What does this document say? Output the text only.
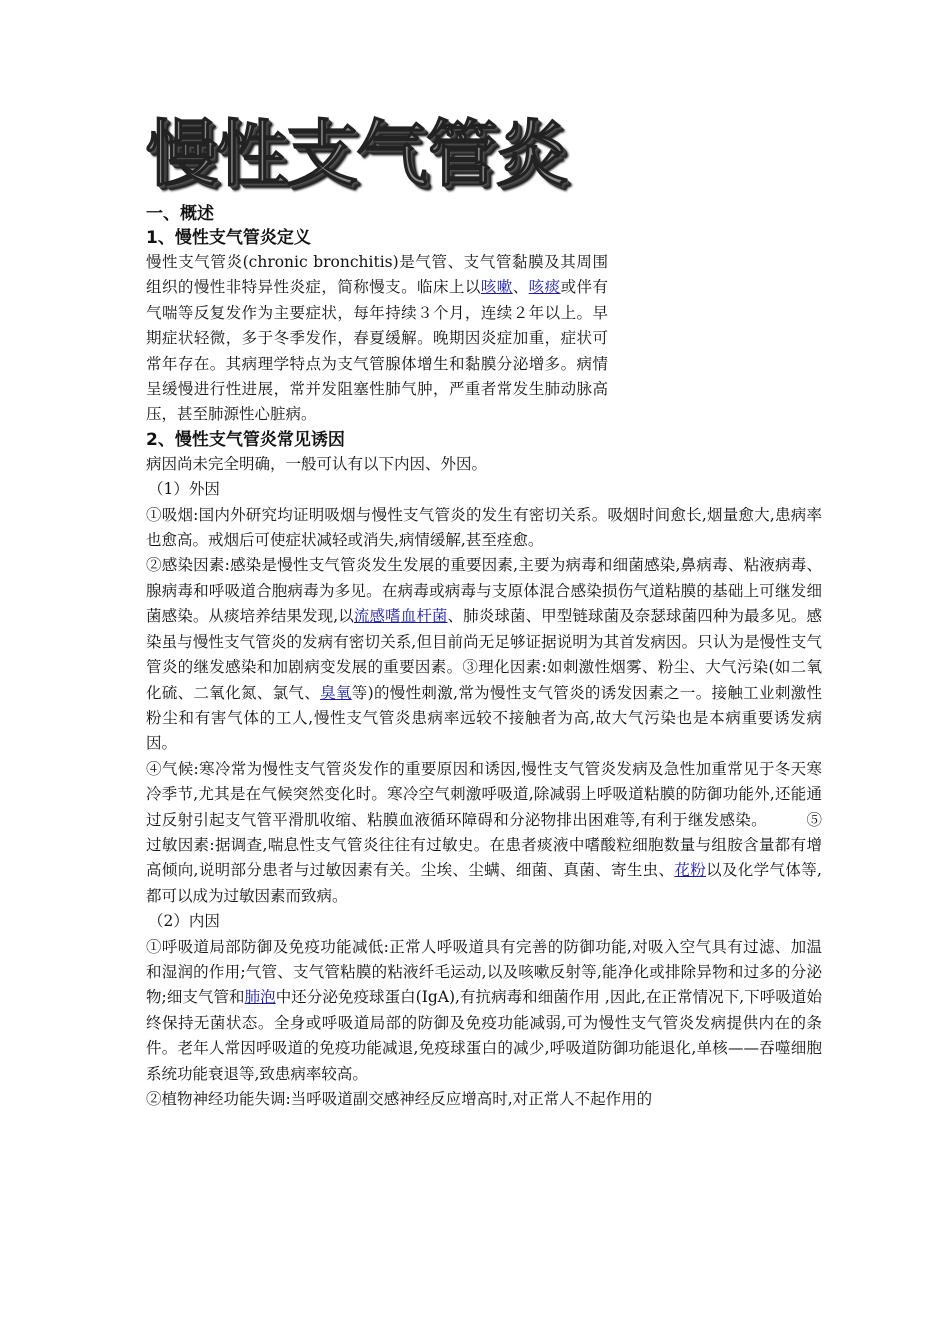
慢性支气管炎

一、概述

1、慢性支气管炎定义

慢性支气管炎(chronic bronchitis)是气管、支气管黏膜及其周围组织的慢性非特异性炎症，简称慢支。临床上以咳嗽、咳痰或伴有气喘等反复发作为主要症状，每年持续３个月，连续２年以上。早期症状轻微，多于冬季发作，春夏缓解。晚期因炎症加重，症状可常年存在。其病理学特点为支气管腺体增生和黏膜分泌增多。病情呈缓慢进行性进展，常并发阻塞性肺气肿，严重者常发生肺动脉高压，甚至肺源性心脏病。

2、慢性支气管炎常见诱因

病因尚未完全明确，一般可认有以下内因、外因。

（1）外因

①吸烟:国内外研究均证明吸烟与慢性支气管炎的发生有密切关系。吸烟时间愈长,烟量愈大,患病率也愈高。戒烟后可使症状减轻或消失,病情缓解,甚至痊愈。

②感染因素:感染是慢性支气管炎发生发展的重要因素,主要为病毒和细菌感染,鼻病毒、粘液病毒、腺病毒和呼吸道合胞病毒为多见。在病毒或病毒与支原体混合感染损伤气道粘膜的基础上可继发细菌感染。从痰培养结果发现,以流感嗜血杆菌、肺炎球菌、甲型链球菌及奈瑟球菌四种为最多见。感染虽与慢性支气管炎的发病有密切关系,但目前尚无足够证据说明为其首发病因。只认为是慢性支气管炎的继发感染和加剧病变发展的重要因素。③理化因素:如刺激性烟雾、粉尘、大气污染(如二氧化硫、二氧化氮、氯气、臭氧等)的慢性刺激,常为慢性支气管炎的诱发因素之一。接触工业刺激性粉尘和有害气体的工人,慢性支气管炎患病率远较不接触者为高,故大气污染也是本病重要诱发病因。

④气候:寒冷常为慢性支气管炎发作的重要原因和诱因,慢性支气管炎发病及急性加重常见于冬天寒冷季节,尤其是在气候突然变化时。寒冷空气刺激呼吸道,除减弱上呼吸道粘膜的防御功能外,还能通过反射引起支气管平滑肌收缩、粘膜血液循环障碍和分泌物排出困难等,有利于继发感染。　　　⑤过敏因素:据调查,喘息性支气管炎往往有过敏史。在患者痰液中嗜酸粒细胞数量与组胺含量都有增高倾向,说明部分患者与过敏因素有关。尘埃、尘螨、细菌、真菌、寄生虫、花粉以及化学气体等,都可以成为过敏因素而致病。

（2）内因

①呼吸道局部防御及免疫功能减低:正常人呼吸道具有完善的防御功能,对吸入空气具有过滤、加温和湿润的作用;气管、支气管粘膜的粘液纤毛运动,以及咳嗽反射等,能净化或排除异物和过多的分泌物;细支气管和肺泡中还分泌免疫球蛋白(IgA),有抗病毒和细菌作用 ,因此,在正常情况下,下呼吸道始终保持无菌状态。全身或呼吸道局部的防御及免疫功能减弱,可为慢性支气管炎发病提供内在的条件。老年人常因呼吸道的免疫功能减退,免疫球蛋白的减少,呼吸道防御功能退化,单核——吞噬细胞系统功能衰退等,致患病率较高。

②植物神经功能失调:当呼吸道副交感神经反应增高时,对正常人不起作用的
